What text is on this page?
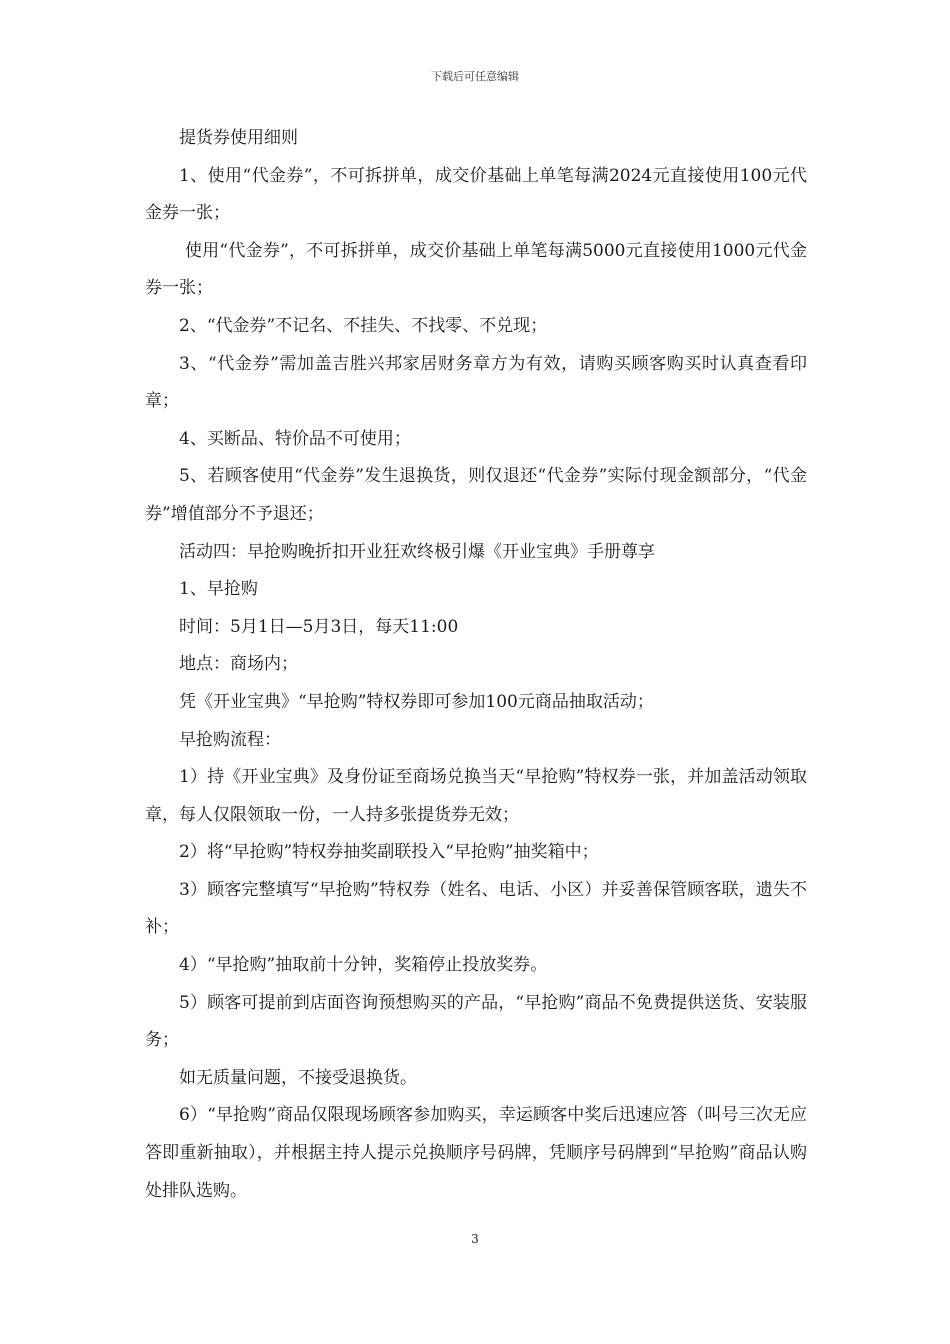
下载后可任意编辑

提货券使用细则

1、使用“代金券”，不可拆拼单，成交价基础上单笔每满2024元直接使用100元代金券一张；

使用“代金券”，不可拆拼单，成交价基础上单笔每满5000元直接使用1000元代金券一张；

2、“代金券”不记名、不挂失、不找零、不兑现；

3、“代金券”需加盖吉胜兴邦家居财务章方为有效，请购买顾客购买时认真查看印章；

4、买断品、特价品不可使用；

5、若顾客使用“代金券”发生退换货，则仅退还“代金券”实际付现金额部分，“代金券”增值部分不予退还；

活动四：早抢购晚折扣开业狂欢终极引爆《开业宝典》手册尊享

1、早抢购

时间：5月1日—5月3日，每天11:00

地点：商场内；

凭《开业宝典》“早抢购”特权券即可参加100元商品抽取活动；

早抢购流程：

1）持《开业宝典》及身份证至商场兑换当天“早抢购”特权券一张，并加盖活动领取章，每人仅限领取一份，一人持多张提货券无效；

2）将“早抢购”特权券抽奖副联投入“早抢购”抽奖箱中；

3）顾客完整填写“早抢购”特权券（姓名、电话、小区）并妥善保管顾客联，遗失不补；

4）“早抢购”抽取前十分钟，奖箱停止投放奖券。

5）顾客可提前到店面咨询预想购买的产品，“早抢购”商品不免费提供送货、安装服务；

如无质量问题，不接受退换货。

6）“早抢购”商品仅限现场顾客参加购买，幸运顾客中奖后迅速应答（叫号三次无应答即重新抽取），并根据主持人提示兑换顺序号码牌，凭顺序号码牌到“早抢购”商品认购处排队选购。

3
